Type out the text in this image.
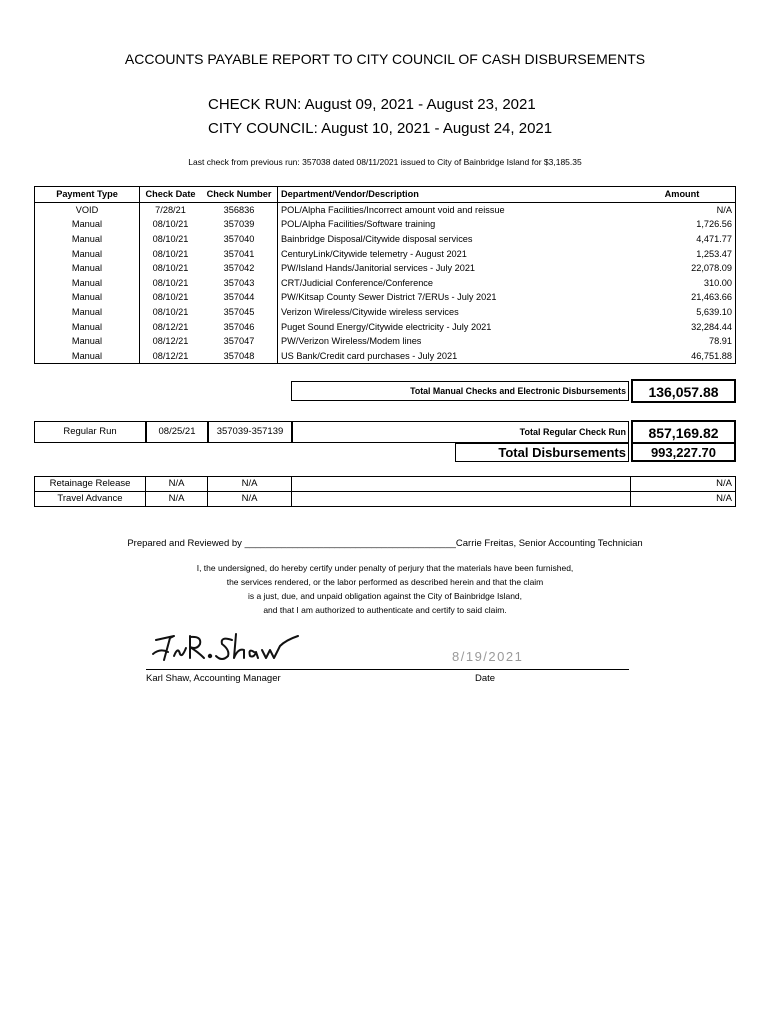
ACCOUNTS PAYABLE REPORT TO CITY COUNCIL OF CASH DISBURSEMENTS
CHECK RUN: August 09, 2021 - August 23, 2021
CITY COUNCIL: August 10, 2021 - August 24, 2021
Last check from previous run: 357038 dated 08/11/2021 issued to City of Bainbridge Island for $3,185.35
Payment Type	Check Date	Check Number	Department/Vendor/Description	Amount
VOID	7/28/21	356836	POL/Alpha Facilities/Incorrect amount void and reissue	N/A
Manual	08/10/21	357039	POL/Alpha Facilities/Software training	1,726.56
Manual	08/10/21	357040	Bainbridge Disposal/Citywide disposal services	4,471.77
Manual	08/10/21	357041	CenturyLink/Citywide telemetry - August 2021	1,253.47
Manual	08/10/21	357042	PW/Island Hands/Janitorial services - July 2021	22,078.09
Manual	08/10/21	357043	CRT/Judicial Conference/Conference	310.00
Manual	08/10/21	357044	PW/Kitsap County Sewer District 7/ERUs - July 2021	21,463.66
Manual	08/10/21	357045	Verizon Wireless/Citywide wireless services	5,639.10
Manual	08/12/21	357046	Puget Sound Energy/Citywide electricity - July 2021	32,284.44
Manual	08/12/21	357047	PW/Verizon Wireless/Modem lines	78.91
Manual	08/12/21	357048	US Bank/Credit card purchases - July 2021	46,751.88
Total Manual Checks and Electronic Disbursements	136,057.88
Regular Run	08/25/21	357039-357139	Total Regular Check Run	857,169.82
Total Disbursements	993,227.70
Retainage Release	N/A	N/A		N/A
Travel Advance	N/A	N/A		N/A
Prepared and Reviewed by ________________________________________Carrie Freitas, Senior Accounting Technician
I, the undersigned, do hereby certify under penalty of perjury that the materials have been furnished,
the services rendered, or the labor performed as described herein and that the claim
is a just, due, and unpaid obligation against the City of Bainbridge Island,
and that I am authorized to authenticate and certify to said claim.
8/19/2021
Karl Shaw, Accounting Manager	Date
